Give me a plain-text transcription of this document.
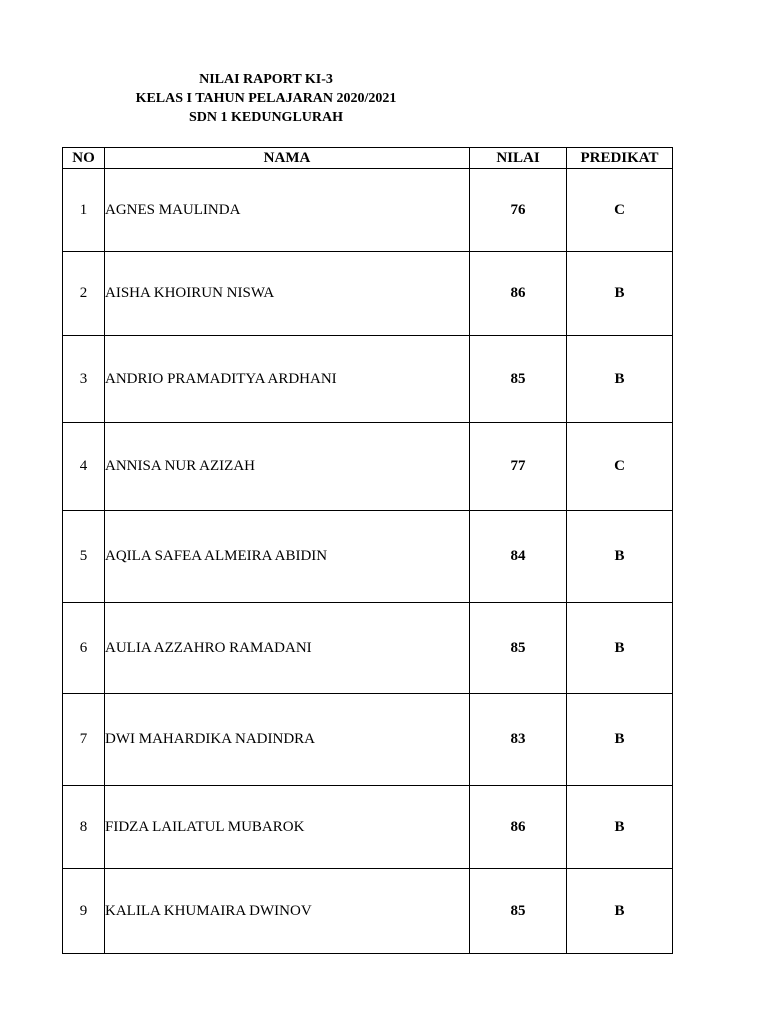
NILAI RAPORT KI-3
KELAS I TAHUN PELAJARAN 2020/2021
SDN 1 KEDUNGLURAH
NO	NAMA	NILAI	PREDIKAT
1	AGNES MAULINDA	76	C
2	AISHA KHOIRUN NISWA	86	B
3	ANDRIO PRAMADITYA ARDHANI	85	B
4	ANNISA NUR AZIZAH	77	C
5	AQILA SAFEA ALMEIRA ABIDIN	84	B
6	AULIA AZZAHRO RAMADANI	85	B
7	DWI MAHARDIKA NADINDRA	83	B
8	FIDZA LAILATUL MUBAROK	86	B
9	KALILA KHUMAIRA DWINOV	85	B
